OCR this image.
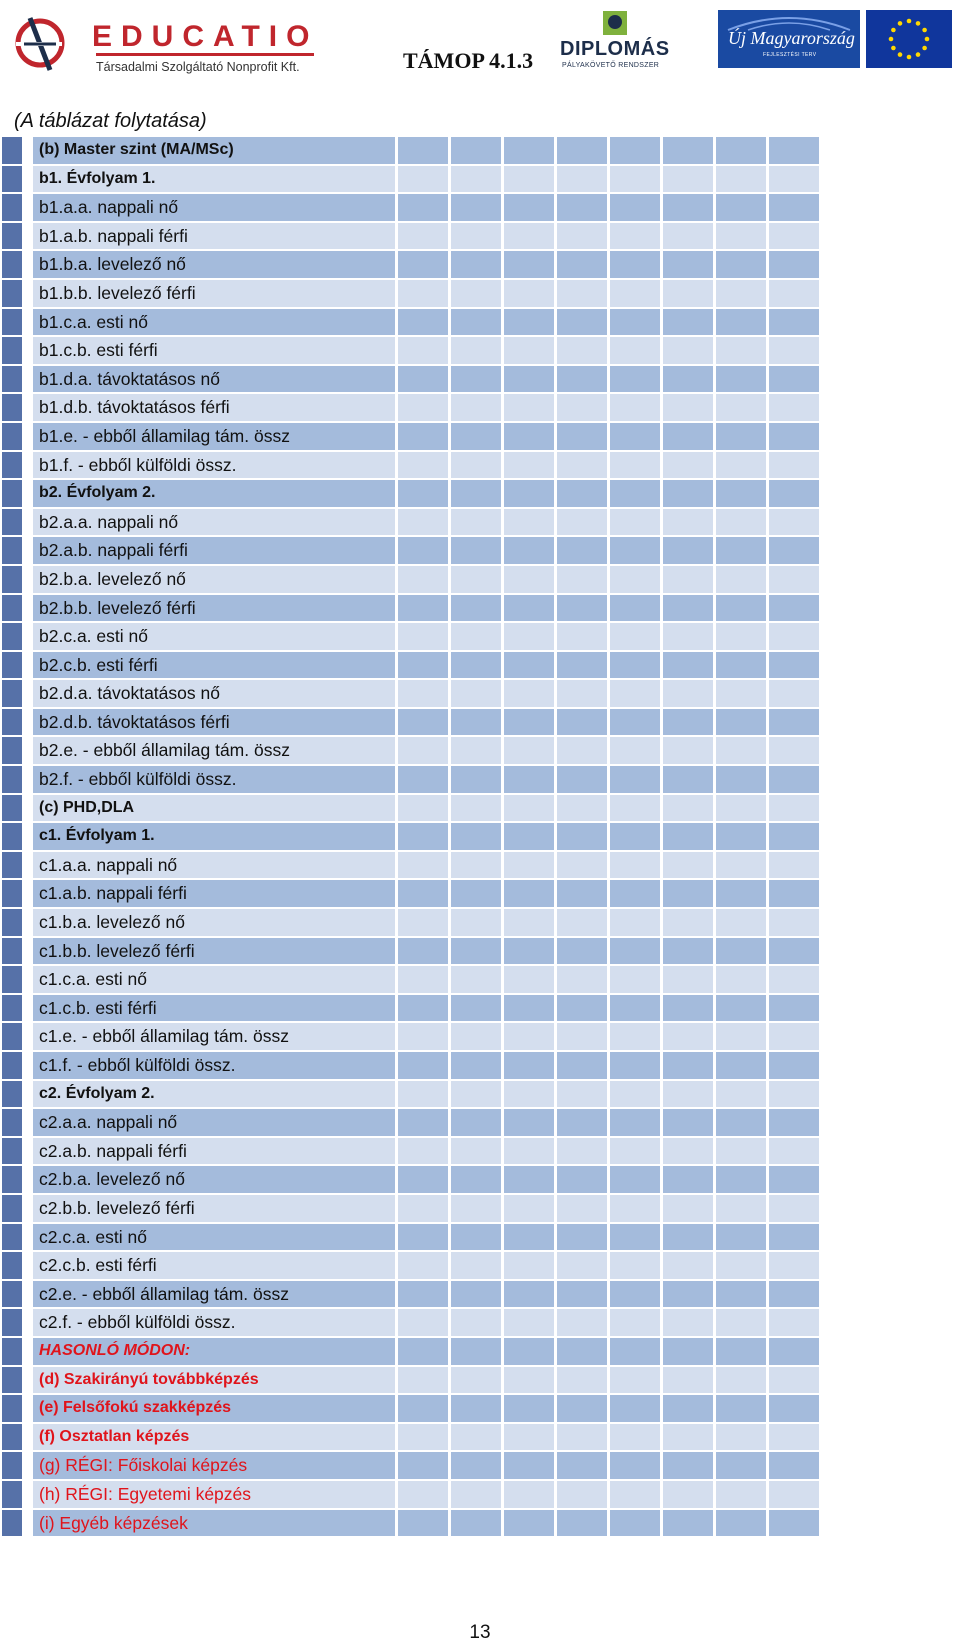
EDUCATIO
Társadalmi Szolgáltató Nonprofit Kft.	TÁMOP 4.1.3 DIPLOMÁS
PÁLYAKÖVETŐ RENDSZER
Új Magyarország
FEJLESZTÉSI TERV
(A táblázat folytatása)
(b) Master szint (MA/MSc)
b1. Évfolyam 1.
b1.a.a. nappali nő
b1.a.b. nappali férfi
b1.b.a. levelező nő
b1.b.b. levelező férfi
b1.c.a. esti nő
b1.c.b. esti férfi
b1.d.a. távoktatásos nő
b1.d.b. távoktatásos férfi
b1.e. - ebből államilag tám. össz
b1.f. - ebből külföldi össz.
b2. Évfolyam 2.
b2.a.a. nappali nő
b2.a.b. nappali férfi
b2.b.a. levelező nő
b2.b.b. levelező férfi
b2.c.a. esti nő
b2.c.b. esti férfi
b2.d.a. távoktatásos nő
b2.d.b. távoktatásos férfi
b2.e. - ebből államilag tám. össz
b2.f. - ebből külföldi össz.
(c) PHD,DLA
c1. Évfolyam 1.
c1.a.a. nappali nő
c1.a.b. nappali férfi
c1.b.a. levelező nő
c1.b.b. levelező férfi
c1.c.a. esti nő
c1.c.b. esti férfi
c1.e. - ebből államilag tám. össz
c1.f. - ebből külföldi össz.
c2. Évfolyam 2.
c2.a.a. nappali nő
c2.a.b. nappali férfi
c2.b.a. levelező nő
c2.b.b. levelező férfi
c2.c.a. esti nő
c2.c.b. esti férfi
c2.e. - ebből államilag tám. össz
c2.f. - ebből külföldi össz.
HASONLÓ MÓDON:
(d) Szakirányú továbbképzés
(e) Felsőfokú szakképzés
(f) Osztatlan képzés
(g) RÉGI: Főiskolai képzés
(h) RÉGI: Egyetemi képzés
(i) Egyéb képzések
13
